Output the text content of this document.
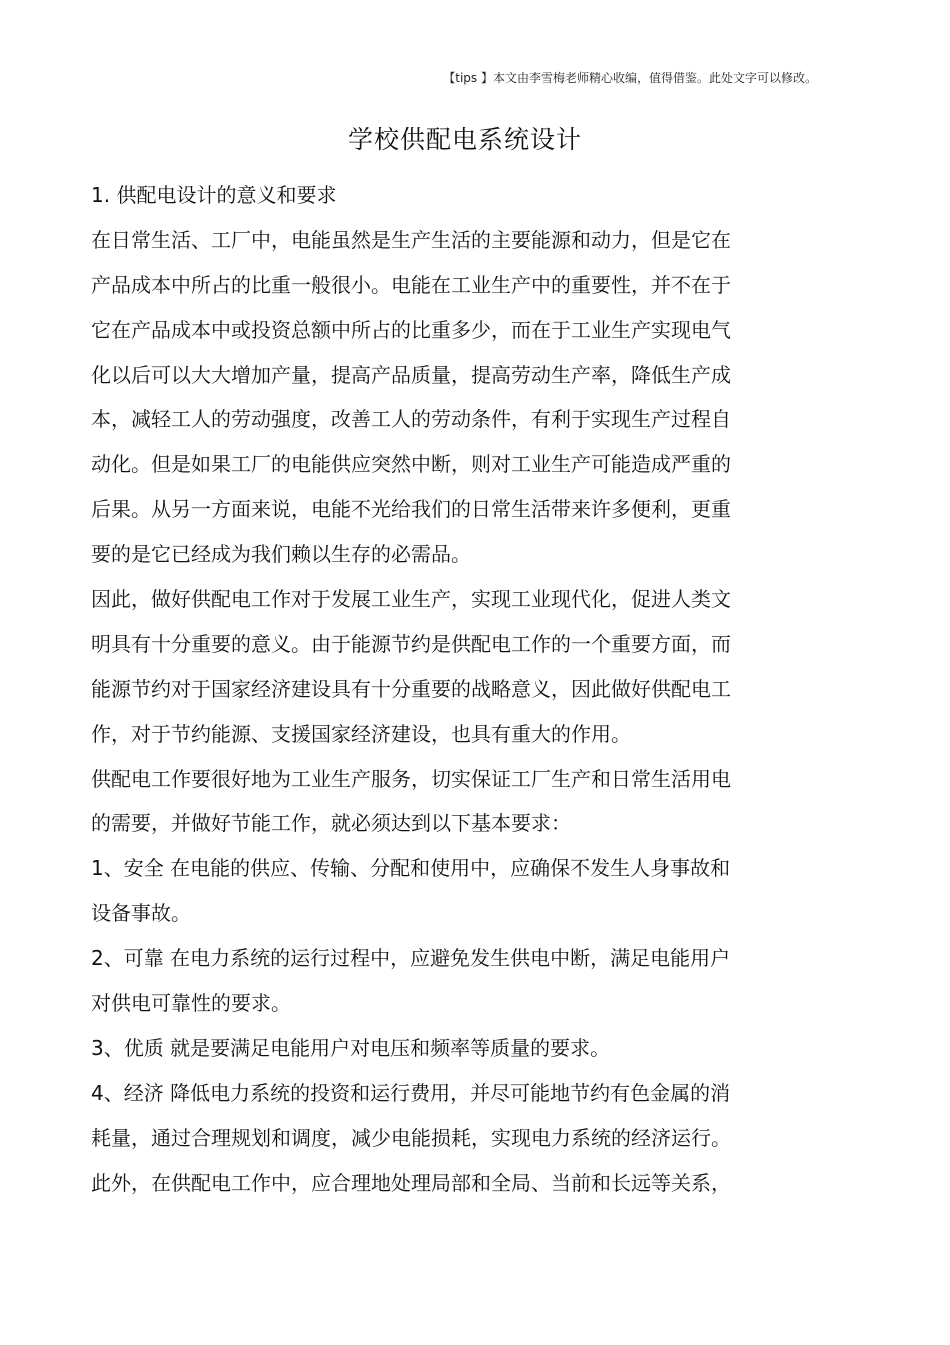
【tips 】本文由李雪梅老师精心收编，值得借鉴。此处文字可以修改。
学校供配电系统设计
1. 供配电设计的意义和要求
在日常生活、工厂中，电能虽然是生产生活的主要能源和动力，但是它在
产品成本中所占的比重一般很小。电能在工业生产中的重要性，并不在于
它在产品成本中或投资总额中所占的比重多少，而在于工业生产实现电气
化以后可以大大增加产量，提高产品质量，提高劳动生产率，降低生产成
本，减轻工人的劳动强度，改善工人的劳动条件，有利于实现生产过程自
动化。但是如果工厂的电能供应突然中断，则对工业生产可能造成严重的
后果。从另一方面来说，电能不光给我们的日常生活带来许多便利，更重
要的是它已经成为我们赖以生存的必需品。
因此，做好供配电工作对于发展工业生产，实现工业现代化，促进人类文
明具有十分重要的意义。由于能源节约是供配电工作的一个重要方面，而
能源节约对于国家经济建设具有十分重要的战略意义，因此做好供配电工
作，对于节约能源、支援国家经济建设，也具有重大的作用。
供配电工作要很好地为工业生产服务，切实保证工厂生产和日常生活用电
的需要，并做好节能工作，就必须达到以下基本要求：
1、安全 在电能的供应、传输、分配和使用中，应确保不发生人身事故和
设备事故。
2、可靠 在电力系统的运行过程中，应避免发生供电中断，满足电能用户
对供电可靠性的要求。
3、优质 就是要满足电能用户对电压和频率等质量的要求。
4、经济 降低电力系统的投资和运行费用，并尽可能地节约有色金属的消
耗量，通过合理规划和调度，减少电能损耗，实现电力系统的经济运行。
此外，在供配电工作中，应合理地处理局部和全局、当前和长远等关系，
